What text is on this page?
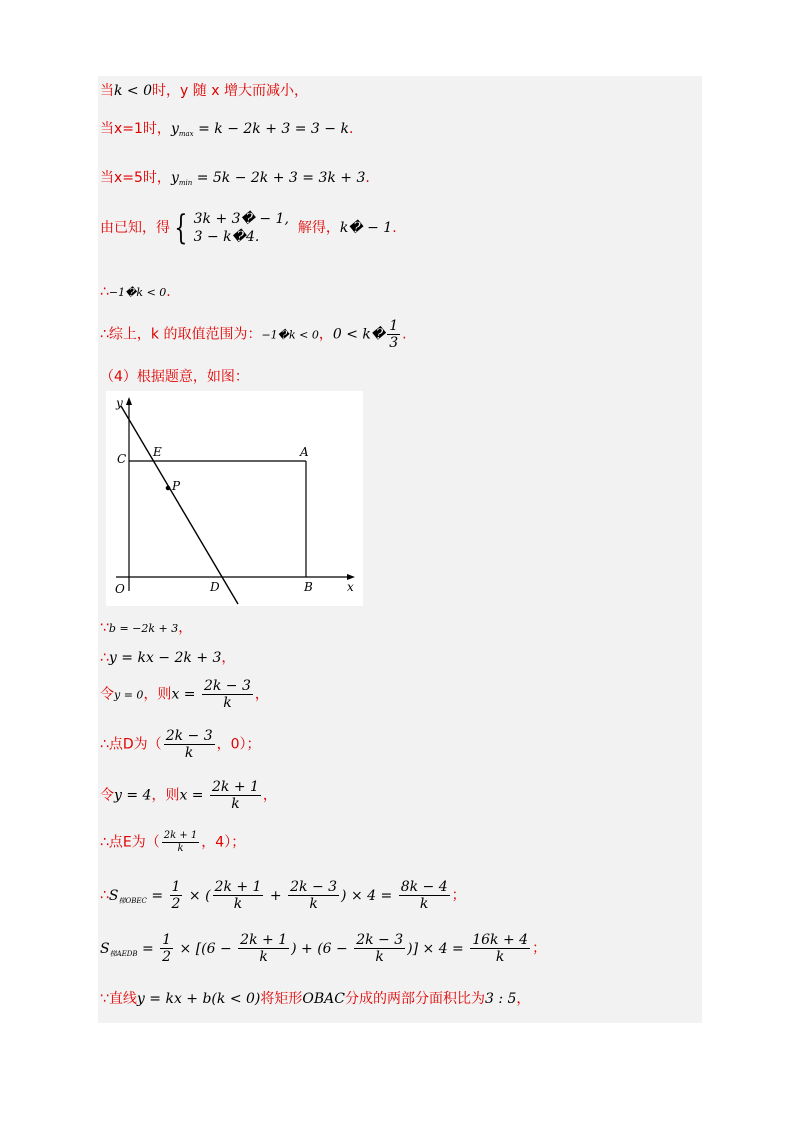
当k < 0时，y 随 x 增大而减小，
当x=1时，$y_{max} = k - 2k + 3 = 3 - k$.
当x=5时，$y_{min} = 5k - 2k + 3 = 3k + 3$.
由已知，得 { 3k + 3� − 1,
3 − k�4.
解得，k� − 1.
∴−1�k < 0.
∴综上，k 的取值范围为：−1�k < 0，0 < k� $\frac{1}{3}$ .
（4）根据题意，如图：
y
x
O
C E	A
P
D	B
∵b = −2k + 3，
∴y = kx − 2k + 3，
令y = 0，则$x = \frac{2k - 3}{k}$ ，
∴点D为（ $\frac{2k - 3}{k}$ ，0）；
令y = 4，则$x = \frac{2k + 1}{k}$ ，
∴点E为（ $\frac{2k + 1}{k}$ ，4）；
$\therefore S_{梯OBEC} = \frac{1}{2}$ × ( $\frac{2k + 1}{k} + \frac{2k - 3}{k}$ ) × $4 = \frac{8k - 4}{k}$ ；
$S_{梯AEDB} = \frac{1}{2} \times [(6 - \frac{2k + 1}{k}$ ) + ($6 - \frac{2k - 3}{k}$ )] × $4 = \frac{16k + 4}{k}$ ；
∵直线y = kx + b(k < 0)将矩形OBAC分成的两部分面积比为3 : 5，
